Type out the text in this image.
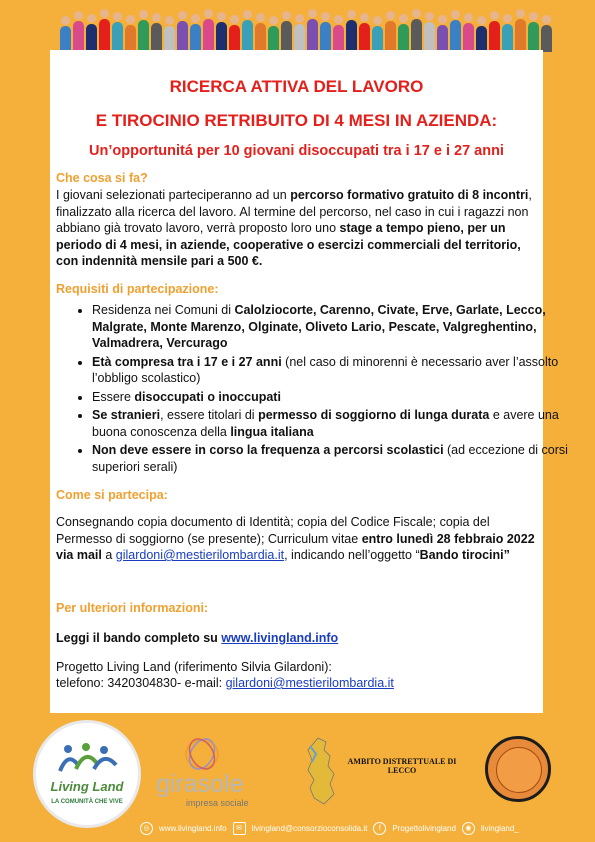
RICERCA ATTIVA DEL LAVORO
E TIROCINIO RETRIBUITO DI 4 MESI IN AZIENDA:
Un’opportunitá per 10 giovani disoccupati tra i 17 e i 27 anni
Che cosa si fa?
I giovani selezionati parteciperanno ad un percorso formativo gratuito di 8 incontri, finalizzato alla ricerca del lavoro. Al termine del percorso, nel caso in cui i ragazzi non abbiano già trovato lavoro, verrà proposto loro uno stage a tempo pieno, per un periodo di 4 mesi, in aziende, cooperative o esercizi commerciali del territorio, con indennità mensile pari a 500 €.
Requisiti di partecipazione:
• Residenza nei Comuni di Calolziocorte, Carenno, Civate, Erve, Garlate, Lecco, Malgrate, Monte Marenzo, Olginate, Oliveto Lario, Pescate, Valgreghentino, Valmadrera, Vercurago
• Età compresa tra i 17 e i 27 anni (nel caso di minorenni è necessario aver l’assolto l’obbligo scolastico)
• Essere disoccupati o inoccupati
• Se stranieri, essere titolari di permesso di soggiorno di lunga durata e avere una buona conoscenza della lingua italiana
• Non deve essere in corso la frequenza a percorsi scolastici (ad eccezione di corsi superiori serali)
Come si partecipa:
Consegnando copia documento di Identità; copia del Codice Fiscale; copia del Permesso di soggiorno (se presente); Curriculum vitae entro lunedì 28 febbraio 2022 via mail a gilardoni@mestierilombardia.it, indicando nell’oggetto “Bando tirocini”
Per ulteriori informazioni:
Leggi il bando completo su www.livingland.info
Progetto Living Land (riferimento Silvia Gilardoni):
telefono: 3420304830- e-mail: gilardoni@mestierilombardia.it
Living Land
LA COMUNITÀ CHE VIVE
girasole
impresa sociale
AMBITO DISTRETTUALE DI
LECCO
◎	www.livingland.info	✉	livingland@consorzioconsolida.it	f	Progettolivingland	◉	livingland_
